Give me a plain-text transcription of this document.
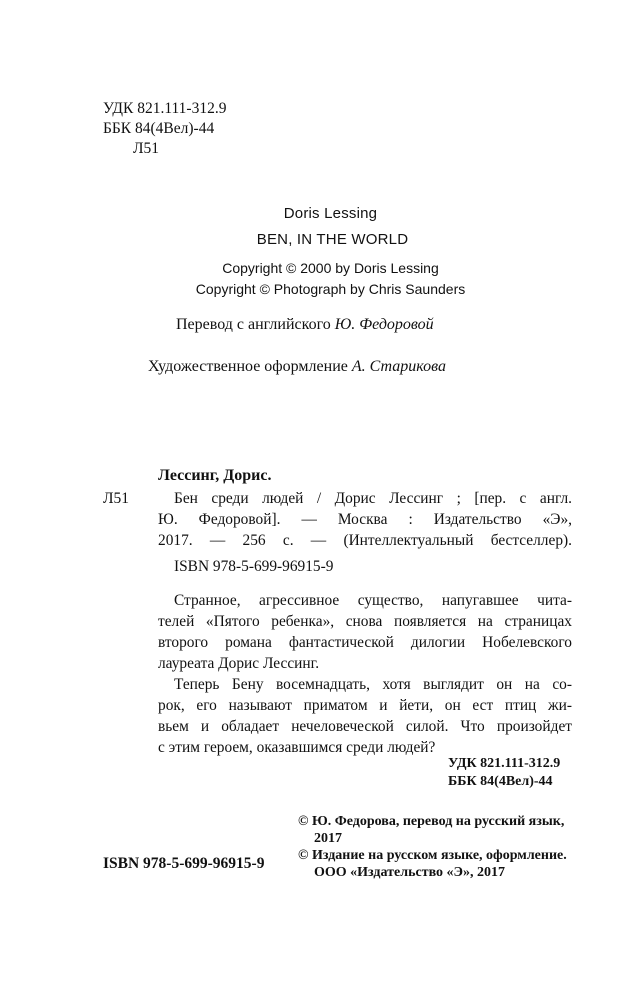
УДК 821.111-312.9

ББК 84(4Вел)-44

Л51

Doris Lessing

BEN, IN THE WORLD

Copyright © 2000 by Doris Lessing

Copyright © Photograph by Chris Saunders

Перевод с английского Ю. Федоровой

Художественное оформление А. Старикова

Л51

Лессинг, Дорис.

Бен среди людей / Дорис Лессинг ; [пер. с англ.
Ю. Федоровой]. — Москва : Издательство «Э»,
2017. — 256 с. — (Интеллектуальный бестселлер).

ISBN 978-5-699-96915-9

Странное, агрессивное существо, напугавшее чита-
телей «Пятого ребенка», снова появляется на страницах
второго романа фантастической дилогии Нобелевского
лауреата Дорис Лессинг.
Теперь Бену восемнадцать, хотя выглядит он на со-
рок, его называют приматом и йети, он ест птиц жи-
вьем и обладает нечеловеческой силой. Что произойдет
с этим героем, оказавшимся среди людей?

УДК 821.111-312.9

ББК 84(4Вел)-44

ISBN 978-5-699-96915-9

© Ю. Федорова, перевод на русский язык,
2017
© Издание на русском языке, оформление.
ООО «Издательство «Э», 2017
